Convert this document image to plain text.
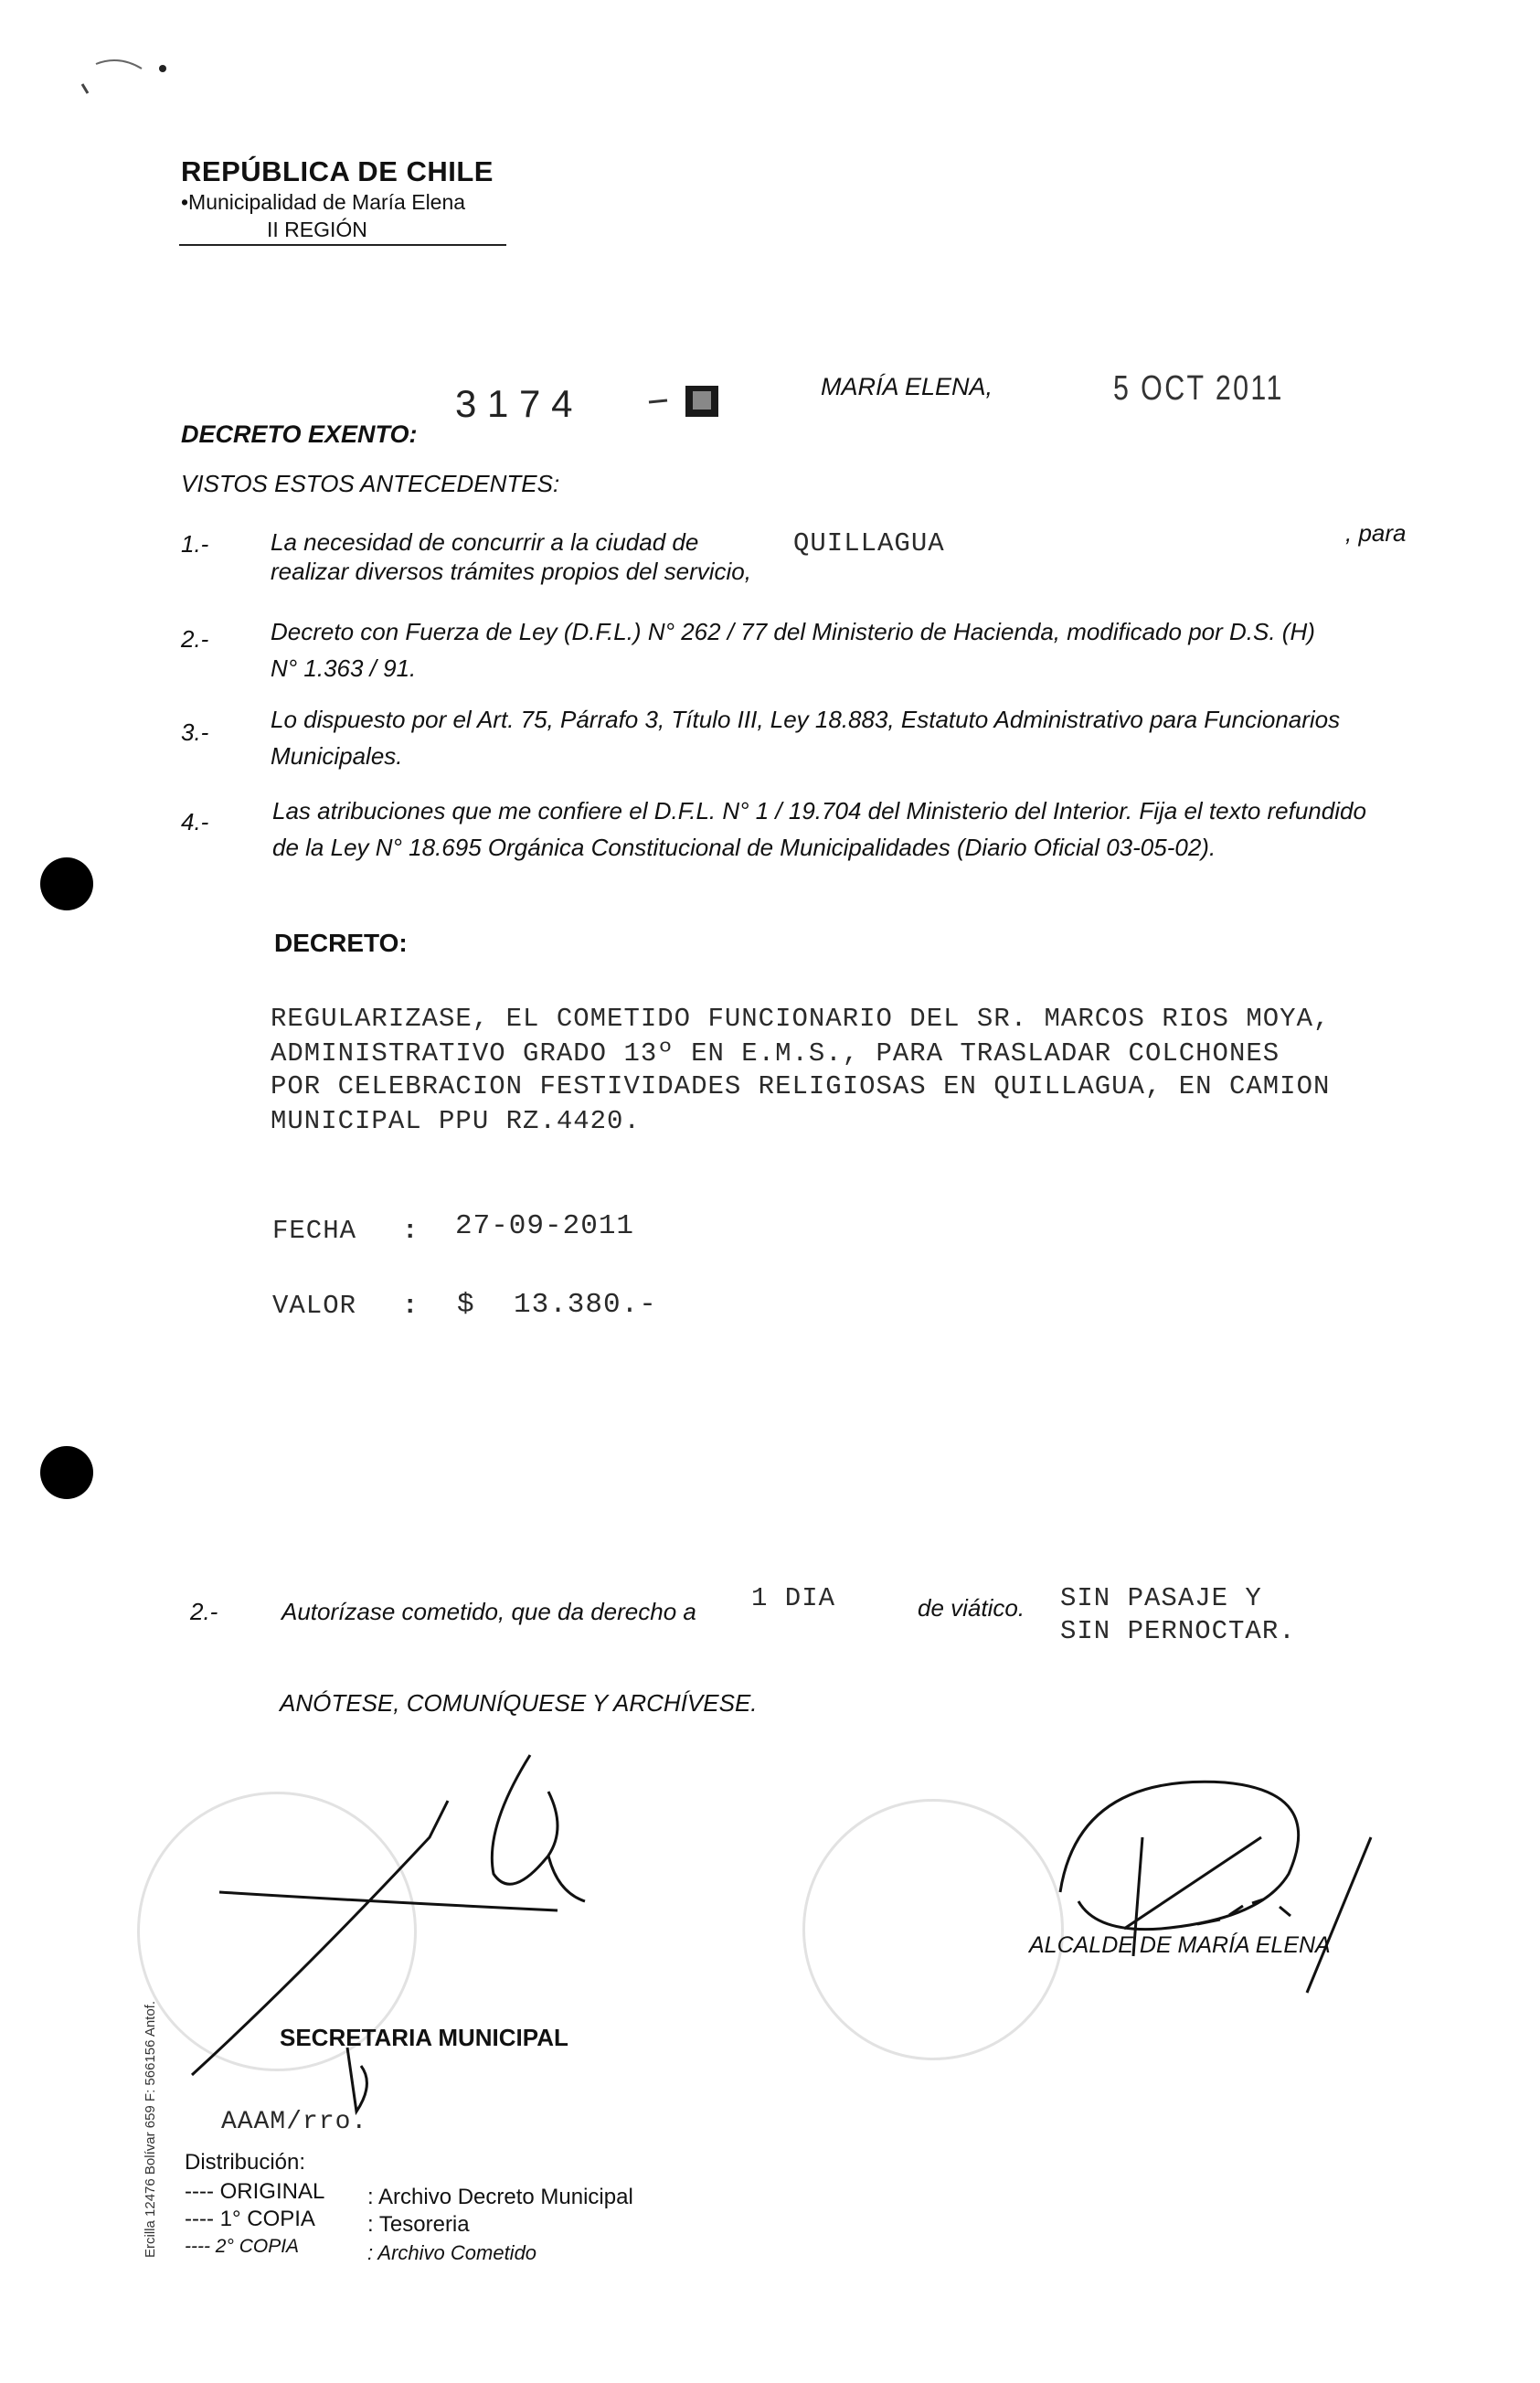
REPÚBLICA DE CHILE
•Municipalidad de María Elena
II REGIÓN
DECRETO EXENTO:
3 1 7 4	MARÍA ELENA,	5 OCT 2011
VISTOS ESTOS ANTECEDENTES:
1.-	La necesidad de concurrir a la ciudad de	QUILLAGUA	, para
realizar diversos trámites propios del servicio,
2.-	Decreto con Fuerza de Ley (D.F.L.) N° 262 / 77 del Ministerio de Hacienda, modificado por D.S. (H)
N° 1.363 / 91.
3.-	Lo dispuesto por el Art. 75, Párrafo 3, Título III, Ley 18.883, Estatuto Administrativo para Funcionarios
Municipales.
4.-	Las atribuciones que me confiere el D.F.L. N° 1 / 19.704 del Ministerio del Interior. Fija el texto refundido
de la Ley N° 18.695 Orgánica Constitucional de Municipalidades (Diario Oficial 03-05-02).
DECRETO:
REGULARIZASE, EL COMETIDO FUNCIONARIO DEL SR. MARCOS RIOS MOYA,
ADMINISTRATIVO GRADO 13º EN E.M.S., PARA TRASLADAR COLCHONES
POR CELEBRACION FESTIVIDADES RELIGIOSAS EN QUILLAGUA, EN CAMION
MUNICIPAL PPU RZ.4420.
FECHA : 27-09-2011
VALOR : $ 13.380.-
2.-	Autorízase cometido, que da derecho a 1 DIA	de viático. SIN PASAJE Y
SIN PERNOCTAR.
ANÓTESE, COMUNÍQUESE Y ARCHÍVESE.
ALCALDE DE MARÍA ELENA
SECRETARIA MUNICIPAL
AAAM/rro.
Distribución:
---- ORIGINAL : Archivo Decreto Municipal
---- 1° COPIA : Tesoreria
---- 2° COPIA	: Archivo Cometido
Ercilla 12476 Bolívar 659 F: 566156 Antof.
